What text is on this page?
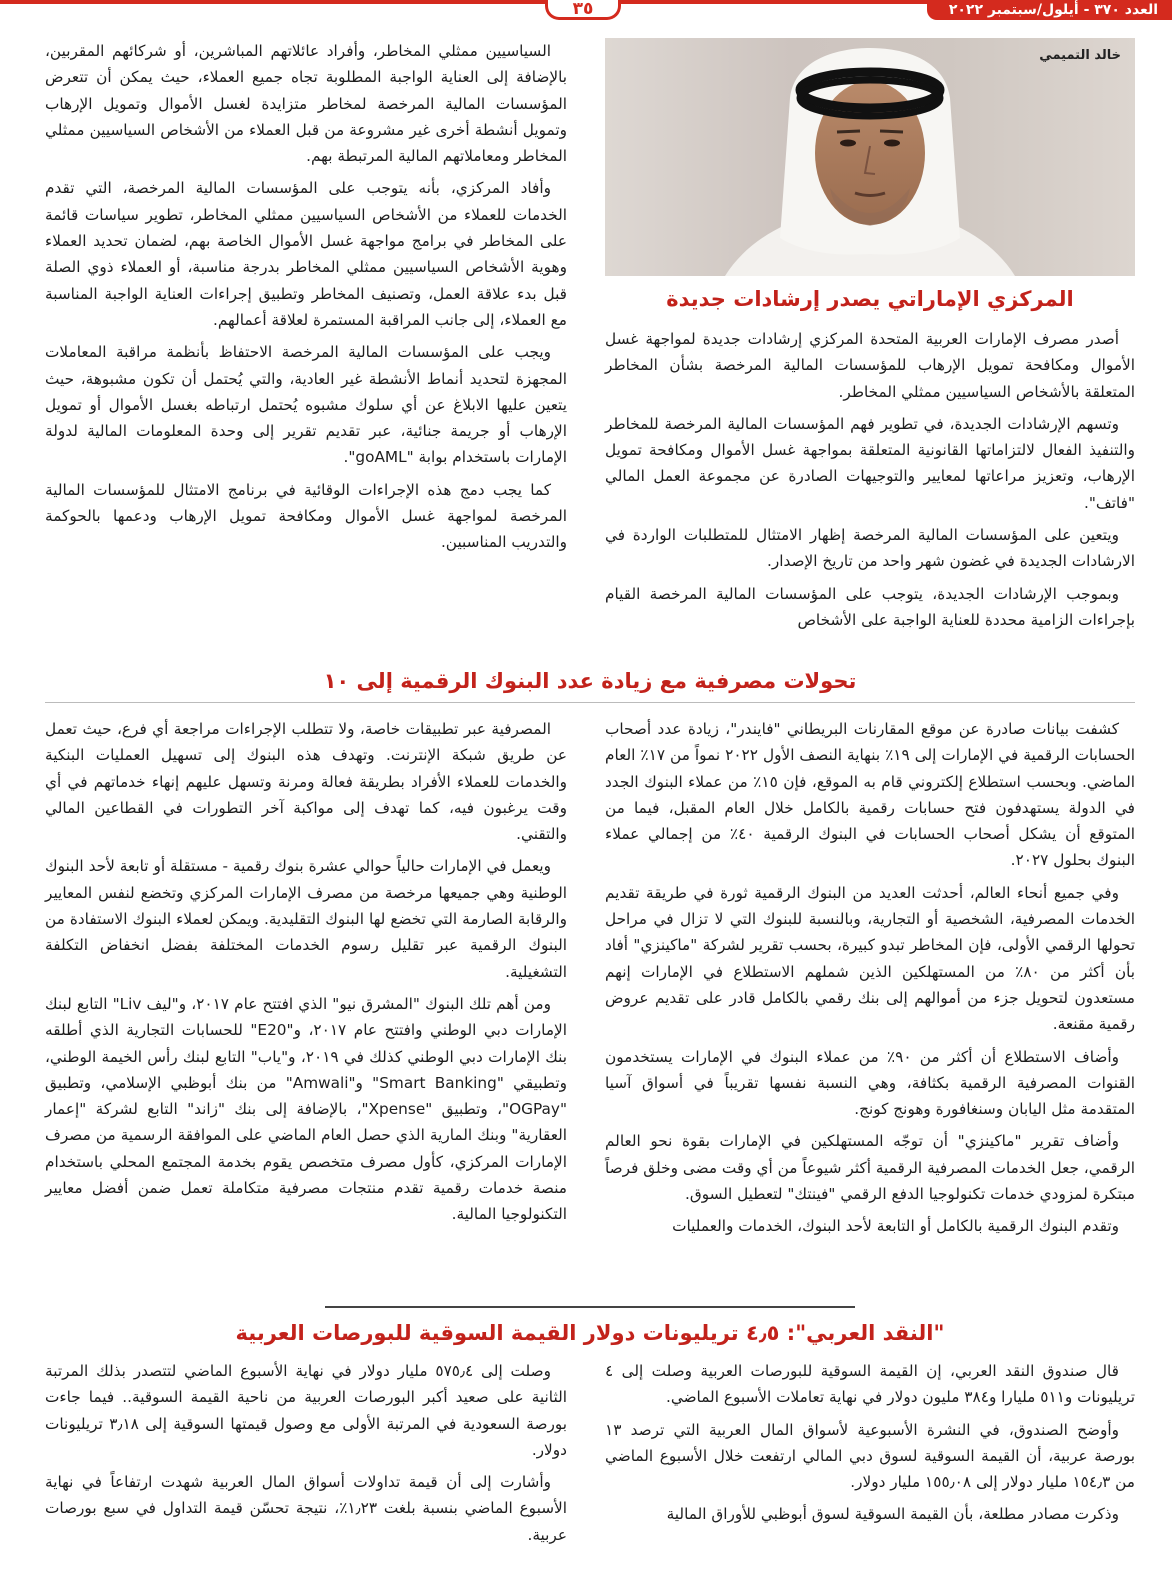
العدد ٣٧٠ - أيلول/سبتمبر ٢٠٢٢
٣٥
خالد التميمي

السياسيين ممثلي المخاطر، وأفراد عائلاتهم المباشرين، أو شركائهم المقربين، بالإضافة إلى العناية الواجبة المطلوبة تجاه جميع العملاء، حيث يمكن أن تتعرض المؤسسات المالية المرخصة لمخاطر متزايدة لغسل الأموال وتمويل الإرهاب وتمويل أنشطة أخرى غير مشروعة من قبل العملاء من الأشخاص السياسيين ممثلي المخاطر ومعاملاتهم المالية المرتبطة بهم.

وأفاد المركزي، بأنه يتوجب على المؤسسات المالية المرخصة، التي تقدم الخدمات للعملاء من الأشخاص السياسيين ممثلي المخاطر، تطوير سياسات قائمة على المخاطر في برامج مواجهة غسل الأموال الخاصة بهم، لضمان تحديد العملاء وهوية الأشخاص السياسيين ممثلي المخاطر بدرجة مناسبة، أو العملاء ذوي الصلة قبل بدء علاقة العمل، وتصنيف المخاطر وتطبيق إجراءات العناية الواجبة المناسبة مع العملاء، إلى جانب المراقبة المستمرة لعلاقة أعمالهم.

ويجب على المؤسسات المالية المرخصة الاحتفاظ بأنظمة مراقبة المعاملات المجهزة لتحديد أنماط الأنشطة غير العادية، والتي يُحتمل أن تكون مشبوهة، حيث يتعين عليها الابلاغ عن أي سلوك مشبوه يُحتمل ارتباطه بغسل الأموال أو تمويل الإرهاب أو جريمة جنائية، عبر تقديم تقرير إلى وحدة المعلومات المالية لدولة الإمارات باستخدام بوابة "goAML".

كما يجب دمج هذه الإجراءات الوقائية في برنامج الامتثال للمؤسسات المالية المرخصة لمواجهة غسل الأموال ومكافحة تمويل الإرهاب ودعمها بالحوكمة والتدريب المناسبين.

المركزي الإماراتي يصدر إرشادات جديدة

أصدر مصرف الإمارات العربية المتحدة المركزي إرشادات جديدة لمواجهة غسل الأموال ومكافحة تمويل الإرهاب للمؤسسات المالية المرخصة بشأن المخاطر المتعلقة بالأشخاص السياسيين ممثلي المخاطر.

وتسهم الإرشادات الجديدة، في تطوير فهم المؤسسات المالية المرخصة للمخاطر والتنفيذ الفعال لالتزاماتها القانونية المتعلقة بمواجهة غسل الأموال ومكافحة تمويل الإرهاب، وتعزيز مراعاتها لمعايير والتوجيهات الصادرة عن مجموعة العمل المالي "فاتف".

ويتعين على المؤسسات المالية المرخصة إظهار الامتثال للمتطلبات الواردة في الارشادات الجديدة في غضون شهر واحد من تاريخ الإصدار.

وبموجب الإرشادات الجديدة، يتوجب على المؤسسات المالية المرخصة القيام بإجراءات الزامية محددة للعناية الواجبة على الأشخاص

تحولات مصرفية مع زيادة عدد البنوك الرقمية إلى ١٠

كشفت بيانات صادرة عن موقع المقارنات البريطاني "فايندر"، زيادة عدد أصحاب الحسابات الرقمية في الإمارات إلى ١٩٪ بنهاية النصف الأول ٢٠٢٢ نمواً من ١٧٪ العام الماضي. وبحسب استطلاع إلكتروني قام به الموقع، فإن ١٥٪ من عملاء البنوك الجدد في الدولة يستهدفون فتح حسابات رقمية بالكامل خلال العام المقبل، فيما من المتوقع أن يشكل أصحاب الحسابات في البنوك الرقمية ٤٠٪ من إجمالي عملاء البنوك بحلول ٢٠٢٧.

وفي جميع أنحاء العالم، أحدثت العديد من البنوك الرقمية ثورة في طريقة تقديم الخدمات المصرفية، الشخصية أو التجارية، وبالنسبة للبنوك التي لا تزال في مراحل تحولها الرقمي الأولى، فإن المخاطر تبدو كبيرة، بحسب تقرير لشركة "ماكينزي" أفاد بأن أكثر من ٨٠٪ من المستهلكين الذين شملهم الاستطلاع في الإمارات إنهم مستعدون لتحويل جزء من أموالهم إلى بنك رقمي بالكامل قادر على تقديم عروض رقمية مقنعة.

وأضاف الاستطلاع أن أكثر من ٩٠٪ من عملاء البنوك في الإمارات يستخدمون القنوات المصرفية الرقمية بكثافة، وهي النسبة نفسها تقريباً في أسواق آسيا المتقدمة مثل اليابان وسنغافورة وهونج كونج.

وأضاف تقرير "ماكينزي" أن توجّه المستهلكين في الإمارات بقوة نحو العالم الرقمي، جعل الخدمات المصرفية الرقمية أكثر شيوعاً من أي وقت مضى وخلق فرصاً مبتكرة لمزودي خدمات تكنولوجيا الدفع الرقمي "فينتك" لتعطيل السوق.

وتقدم البنوك الرقمية بالكامل أو التابعة لأحد البنوك، الخدمات والعمليات

المصرفية عبر تطبيقات خاصة، ولا تتطلب الإجراءات مراجعة أي فرع، حيث تعمل عن طريق شبكة الإنترنت. وتهدف هذه البنوك إلى تسهيل العمليات البنكية والخدمات للعملاء الأفراد بطريقة فعالة ومرنة وتسهل عليهم إنهاء خدماتهم في أي وقت يرغبون فيه، كما تهدف إلى مواكبة آخر التطورات في القطاعين المالي والتقني.

ويعمل في الإمارات حالياً حوالي عشرة بنوك رقمية - مستقلة أو تابعة لأحد البنوك الوطنية وهي جميعها مرخصة من مصرف الإمارات المركزي وتخضع لنفس المعايير والرقابة الصارمة التي تخضع لها البنوك التقليدية. ويمكن لعملاء البنوك الاستفادة من البنوك الرقمية عبر تقليل رسوم الخدمات المختلفة بفضل انخفاض التكلفة التشغيلية.

ومن أهم تلك البنوك "المشرق نيو" الذي افتتح عام ٢٠١٧، و"ليف Liv" التابع لبنك الإمارات دبي الوطني وافتتح عام ٢٠١٧، و"E20" للحسابات التجارية الذي أطلقه بنك الإمارات دبي الوطني كذلك في ٢٠١٩، و"ياب" التابع لبنك رأس الخيمة الوطني، وتطبيقي "Smart Banking" و"Amwali" من بنك أبوظبي الإسلامي، وتطبيق "OGPay"، وتطبيق "Xpense"، بالإضافة إلى بنك "زاند" التابع لشركة "إعمار العقارية" وبنك المارية الذي حصل العام الماضي على الموافقة الرسمية من مصرف الإمارات المركزي، كأول مصرف متخصص يقوم بخدمة المجتمع المحلي باستخدام منصة خدمات رقمية تقدم منتجات مصرفية متكاملة تعمل ضمن أفضل معايير التكنولوجيا المالية.

"النقد العربي": ٤٫٥ تريليونات دولار القيمة السوقية للبورصات العربية

قال صندوق النقد العربي، إن القيمة السوقية للبورصات العربية وصلت إلى ٤ تريليونات و٥١١ مليارا و٣٨٤ مليون دولار في نهاية تعاملات الأسبوع الماضي.

وأوضح الصندوق، في النشرة الأسبوعية لأسواق المال العربية التي ترصد ١٣ بورصة عربية، أن القيمة السوقية لسوق دبي المالي ارتفعت خلال الأسبوع الماضي من ١٥٤٫٣ مليار دولار إلى ١٥٥٫٠٨ مليار دولار.

وذكرت مصادر مطلعة، بأن القيمة السوقية لسوق أبوظبي للأوراق المالية

وصلت إلى ٥٧٥٫٤ مليار دولار في نهاية الأسبوع الماضي لتتصدر بذلك المرتبة الثانية على صعيد أكبر البورصات العربية من ناحية القيمة السوقية.. فيما جاءت بورصة السعودية في المرتبة الأولى مع وصول قيمتها السوقية إلى ٣٫١٨ تريليونات دولار.

وأشارت إلى أن قيمة تداولات أسواق المال العربية شهدت ارتفاعاً في نهاية الأسبوع الماضي بنسبة بلغت ١٫٢٣٪، نتيجة تحسّن قيمة التداول في سبع بورصات عربية.
